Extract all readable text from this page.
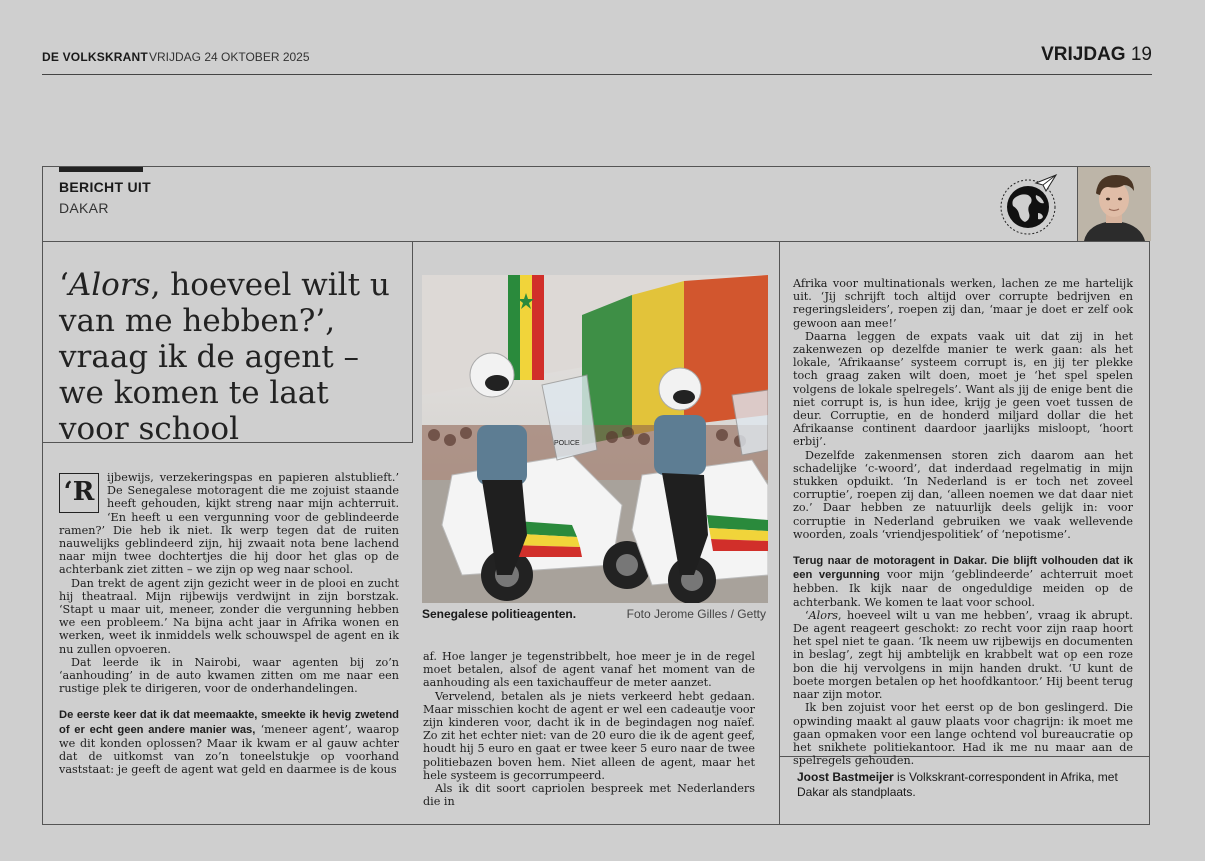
DE VOLKSKRANT VRIJDAG 24 OKTOBER 2025	VRIJDAG 19
BERICHT UIT
DAKAR
‘Alors, hoeveel wilt u van me hebben?’, vraag ik de agent – we komen te laat voor school

‘R	ijbewijs, verzekeringspas en papieren alstublieft.’ De Senegalese motoragent die me zojuist staande heeft gehouden, kijkt streng naar mijn achterruit. ‘En heeft u een vergunning voor de geblindeerde ramen?’ Die heb ik niet. Ik werp tegen dat de ruiten nauwelijks geblindeerd zijn, hij zwaait nota bene lachend naar mijn twee dochtertjes die hij door het glas op de achterbank ziet zitten – we zijn op weg naar school.

Dan trekt de agent zijn gezicht weer in de plooi en zucht hij theatraal. Mijn rijbewijs verdwijnt in zijn borstzak. ‘Stapt u maar uit, meneer, zonder die vergunning hebben we een probleem.’ Na bijna acht jaar in Afrika wonen en werken, weet ik inmiddels welk schouwspel de agent en ik nu zullen opvoeren.

Dat leerde ik in Nairobi, waar agenten bij zo’n ‘aanhouding’ in de auto kwamen zitten om me naar een rustige plek te dirigeren, voor de onderhandelingen.

De eerste keer dat ik dat meemaakte, smeekte ik hevig zwetend of er echt geen andere manier was, ‘meneer agent’, waarop we dit konden oplossen? Maar ik kwam er al gauw achter dat de uitkomst van zo’n toneelstukje op voorhand vaststaat: je geeft de agent wat geld en daarmee is de kous

POLICE
Senegalese politieagenten.	Foto Jerome Gilles / Getty

af. Hoe langer je tegenstribbelt, hoe meer je in de regel moet betalen, alsof de agent vanaf het moment van de aanhouding als een taxichauffeur de meter aanzet.

Vervelend, betalen als je niets verkeerd hebt gedaan. Maar misschien kocht de agent er wel een cadeautje voor zijn kinderen voor, dacht ik in de begindagen nog naïef. Zo zit het echter niet: van de 20 euro die ik de agent geef, houdt hij 5 euro en gaat er twee keer 5 euro naar de twee politiebazen boven hem. Niet alleen de agent, maar het hele systeem is gecorrumpeerd.

Als ik dit soort capriolen bespreek met Nederlanders die in

Afrika voor multinationals werken, lachen ze me hartelijk uit. ‘Jij schrijft toch altijd over corrupte bedrijven en regeringsleiders’, roepen zij dan, ‘maar je doet er zelf ook gewoon aan mee!’

Daarna leggen de expats vaak uit dat zij in het zakenwezen op dezelfde manier te werk gaan: als het lokale, ‘Afrikaanse’ systeem corrupt is, en jij ter plekke toch graag zaken wilt doen, moet je ‘het spel spelen volgens de lokale spelregels’. Want als jij de enige bent die niet corrupt is, is hun idee, krijg je geen voet tussen de deur. Corruptie, en de honderd miljard dollar die het Afrikaanse continent daardoor jaarlijks misloopt, ‘hoort erbij’.

Dezelfde zakenmensen storen zich daarom aan het schadelijke ‘c-woord’, dat inderdaad regelmatig in mijn stukken opduikt. ‘In Nederland is er toch net zoveel corruptie’, roepen zij dan, ‘alleen noemen we dat daar niet zo.’ Daar hebben ze natuurlijk deels gelijk in: voor corruptie in Nederland gebruiken we vaak wellevende woorden, zoals ‘vriendjespolitiek’ of ‘nepotisme’.

Terug naar de motoragent in Dakar. Die blijft volhouden dat ik een vergunning voor mijn ‘geblindeerde’ achterruit moet hebben. Ik kijk naar de ongeduldige meiden op de achterbank. We komen te laat voor school.

‘Alors, hoeveel wilt u van me hebben’, vraag ik abrupt. De agent reageert geschokt: zo recht voor zijn raap hoort het spel niet te gaan. ‘Ik neem uw rijbewijs en documenten in beslag’, zegt hij ambtelijk en krabbelt wat op een roze bon die hij vervolgens in mijn handen drukt. ‘U kunt de boete morgen betalen op het hoofdkantoor.’ Hij beent terug naar zijn motor.

Ik ben zojuist voor het eerst op de bon geslingerd. Die opwinding maakt al gauw plaats voor chagrijn: ik moet me gaan opmaken voor een lange ochtend vol bureaucratie op het snikhete politiekantoor. Had ik me nu maar aan de spelregels gehouden.

Joost Bastmeijer is Volkskrant-correspondent in Afrika, met Dakar als standplaats.
